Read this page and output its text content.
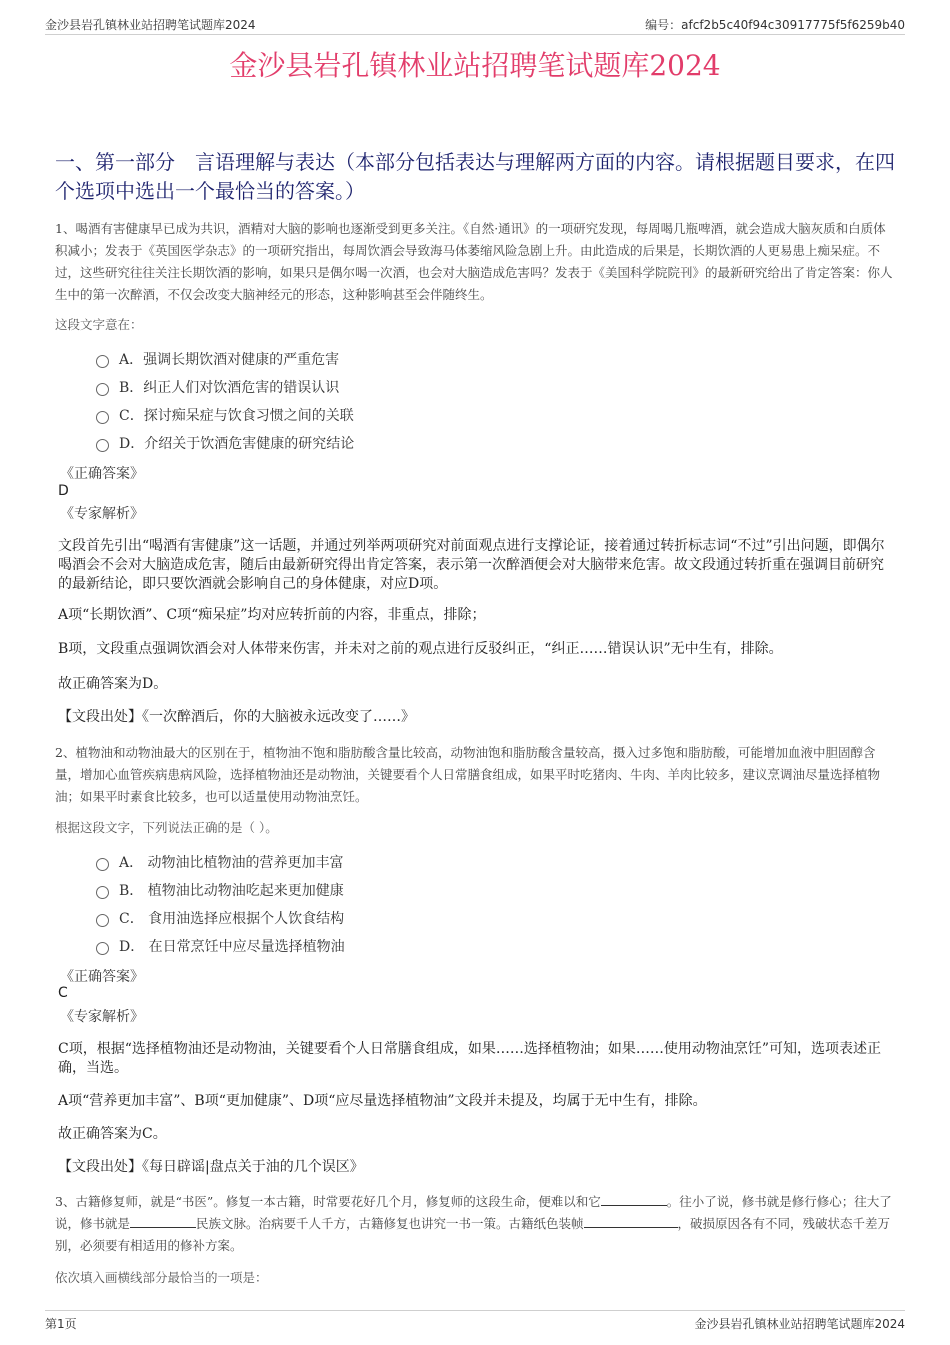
金沙县岩孔镇林业站招聘笔试题库2024	编号：afcf2b5c40f94c30917775f5f6259b40
金沙县岩孔镇林业站招聘笔试题库2024
一、第一部分　言语理解与表达（本部分包括表达与理解两方面的内容。请根据题目要求，在四个选项中选出一个最恰当的答案。）
1、喝酒有害健康早已成为共识，酒精对大脑的影响也逐渐受到更多关注。《自然·通讯》的一项研究发现，每周喝几瓶啤酒，就会造成大脑灰质和白质体积减小；发表于《英国医学杂志》的一项研究指出，每周饮酒会导致海马体萎缩风险急剧上升。由此造成的后果是，长期饮酒的人更易患上痴呆症。不过，这些研究往往关注长期饮酒的影响，如果只是偶尔喝一次酒，也会对大脑造成危害吗？发表于《美国科学院院刊》的最新研究给出了肯定答案：你人生中的第一次醉酒，不仅会改变大脑神经元的形态，这种影响甚至会伴随终生。
这段文字意在：
A．强调长期饮酒对健康的严重危害
B．纠正人们对饮酒危害的错误认识
C．探讨痴呆症与饮食习惯之间的关联
D．介绍关于饮酒危害健康的研究结论
《正确答案》
D
《专家解析》
文段首先引出“喝酒有害健康”这一话题，并通过列举两项研究对前面观点进行支撑论证，接着通过转折标志词“不过”引出问题，即偶尔喝酒会不会对大脑造成危害，随后由最新研究得出肯定答案，表示第一次醉酒便会对大脑带来危害。故文段通过转折重在强调目前研究的最新结论，即只要饮酒就会影响自己的身体健康，对应D项。
A项“长期饮酒”、C项“痴呆症”均对应转折前的内容，非重点，排除；
B项，文段重点强调饮酒会对人体带来伤害，并未对之前的观点进行反驳纠正，“纠正……错误认识”无中生有，排除。
故正确答案为D。
【文段出处】《一次醉酒后，你的大脑被永远改变了……》
2、植物油和动物油最大的区别在于，植物油不饱和脂肪酸含量比较高，动物油饱和脂肪酸含量较高，摄入过多饱和脂肪酸，可能增加血液中胆固醇含量，增加心血管疾病患病风险，选择植物油还是动物油，关键要看个人日常膳食组成，如果平时吃猪肉、牛肉、羊肉比较多，建议烹调油尽量选择植物油；如果平时素食比较多，也可以适量使用动物油烹饪。
根据这段文字，下列说法正确的是（ ）。
A． 动物油比植物油的营养更加丰富
B． 植物油比动物油吃起来更加健康
C． 食用油选择应根据个人饮食结构
D． 在日常烹饪中应尽量选择植物油
《正确答案》
C
《专家解析》
C项，根据“选择植物油还是动物油，关键要看个人日常膳食组成，如果……选择植物油；如果……使用动物油烹饪”可知，选项表述正确，当选。
A项“营养更加丰富”、B项“更加健康”、D项“应尽量选择植物油”文段并未提及，均属于无中生有，排除。
故正确答案为C。
【文段出处】《每日辟谣|盘点关于油的几个误区》
3、古籍修复师，就是“书医”。修复一本古籍，时常要花好几个月，修复师的这段生命，便难以和它	。往小了说，修书就是修行修心；往大了说，修书就是	民族文脉。治病要千人千方，古籍修复也讲究一书一策。古籍纸色装帧	，破损原因各有不同，残破状态千差万别，必须要有相适用的修补方案。
依次填入画横线部分最恰当的一项是：
第1页	金沙县岩孔镇林业站招聘笔试题库2024
